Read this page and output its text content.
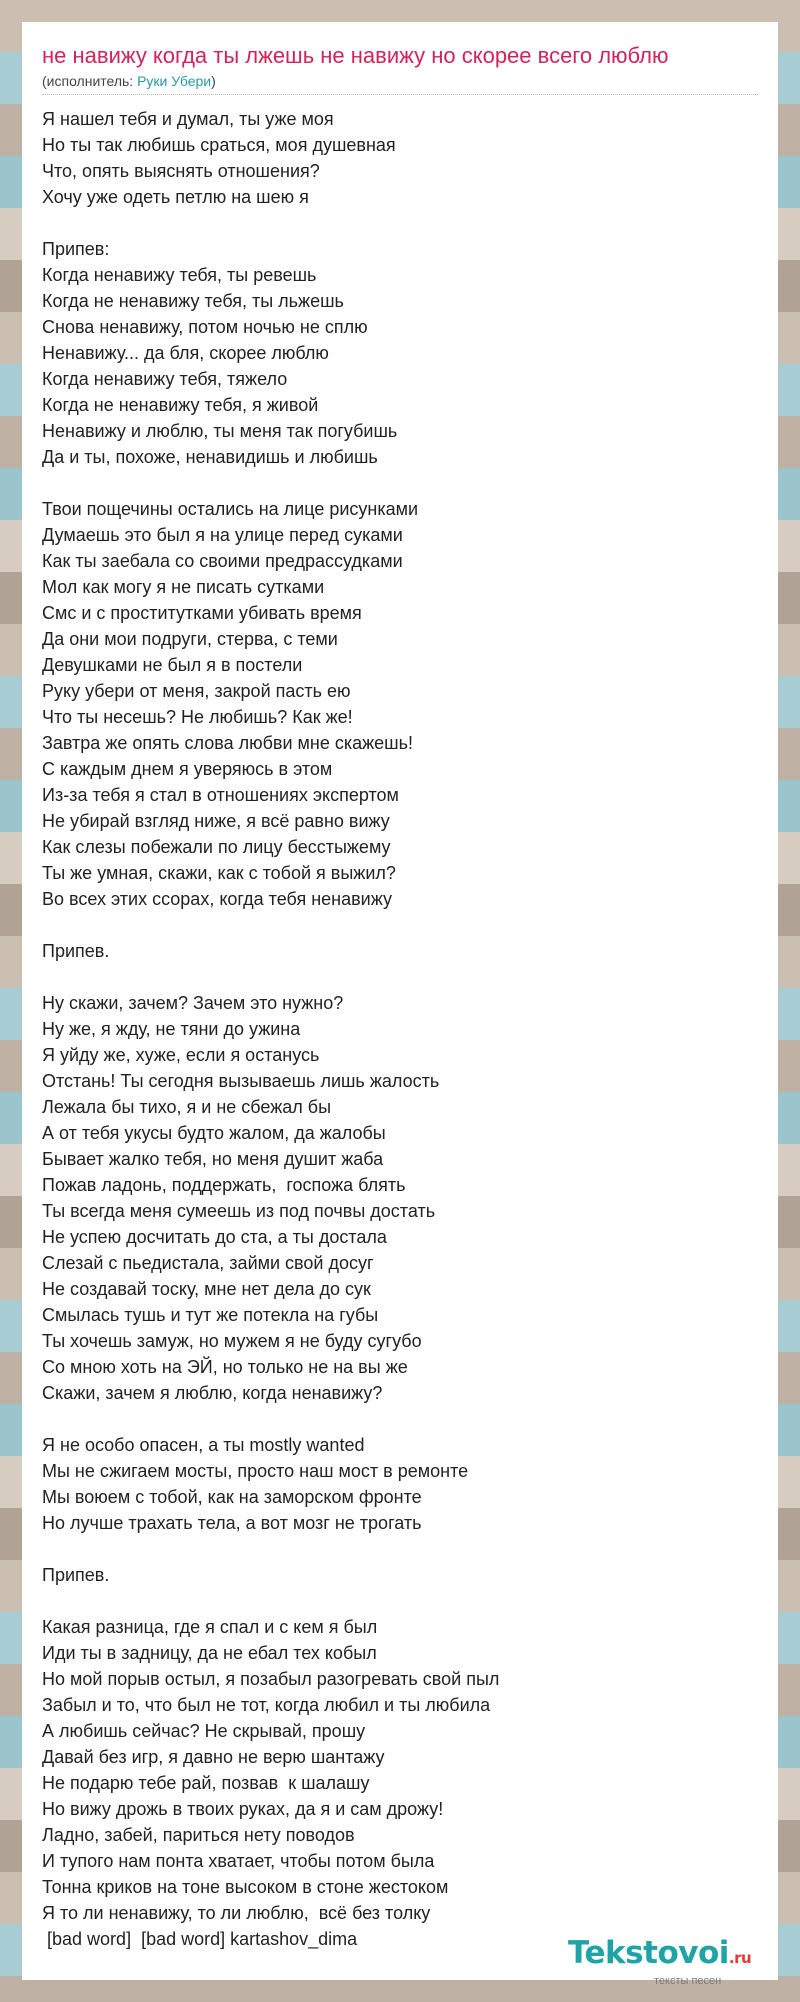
не навижу когда ты лжешь не навижу но скорее всего люблю
(исполнитель: Руки Убери)
Я нашел тебя и думал, ты уже моя
Но ты так любишь сраться, моя душевная
Что, опять выяснять отношения?
Хочу уже одеть петлю на шею я

Припев:
Когда ненавижу тебя, ты ревешь
Когда не ненавижу тебя, ты льжешь
Снова ненавижу, потом ночью не сплю
Ненавижу... да бля, скорее люблю
Когда ненавижу тебя, тяжело
Когда не ненавижу тебя, я живой
Ненавижу и люблю, ты меня так погубишь
Да и ты, похоже, ненавидишь и любишь

Твои пощечины остались на лице рисунками
Думаешь это был я на улице перед суками
Как ты заебала со своими предрассудками
Мол как могу я не писать сутками
Смс и с проститутками убивать время
Да они мои подруги, стерва, с теми
Девушками не был я в постели
Руку убери от меня, закрой пасть ею
Что ты несешь? Не любишь? Как же!
Завтра же опять слова любви мне скажешь!
С каждым днем я уверяюсь в этом
Из-за тебя я стал в отношениях экспертом
Не убирай взгляд ниже, я всё равно вижу
Как слезы побежали по лицу бесстыжему
Ты же умная, скажи, как с тобой я выжил?
Во всех этих ссорах, когда тебя ненавижу

Припев.

Ну скажи, зачем? Зачем это нужно?
Ну же, я жду, не тяни до ужина
Я уйду же, хуже, если я останусь
Отстань! Ты сегодня вызываешь лишь жалость
Лежала бы тихо, я и не сбежал бы
А от тебя укусы будто жалом, да жалобы
Бывает жалко тебя, но меня душит жаба
Пожав ладонь, поддержать,  госпожа блять
Ты всегда меня сумеешь из под почвы достать
Не успею досчитать до ста, а ты достала
Слезай с пьедистала, займи свой досуг
Не создавай тоску, мне нет дела до сук
Смылась тушь и тут же потекла на губы
Ты хочешь замуж, но мужем я не буду сугубо
Со мною хоть на ЭЙ, но только не на вы же
Скажи, зачем я люблю, когда ненавижу?

Я не особо опасен, а ты mostly wanted
Мы не сжигаем мосты, просто наш мост в ремонте
Мы воюем с тобой, как на заморском фронте
Но лучше трахать тела, а вот мозг не трогать

Припев.

Какая разница, где я спал и с кем я был
Иди ты в задницу, да не ебал тех кобыл
Но мой порыв остыл, я позабыл разогревать свой пыл
Забыл и то, что был не тот, когда любил и ты любила
А любишь сейчас? Не скрывай, прошу
Давай без игр, я давно не верю шантажу
Не подарю тебе рай, позвав  к шалашу
Но вижу дрожь в твоих руках, да я и сам дрожу!
Ладно, забей, париться нету поводов
И тупого нам понта хватает, чтобы потом была
Тонна криков на тоне высоком в стоне жестоком
Я то ли ненавижу, то ли люблю,  всё без толку
[bad word]  [bad word] kartashov_dima	Tekstovoi.ru
тексты песен
